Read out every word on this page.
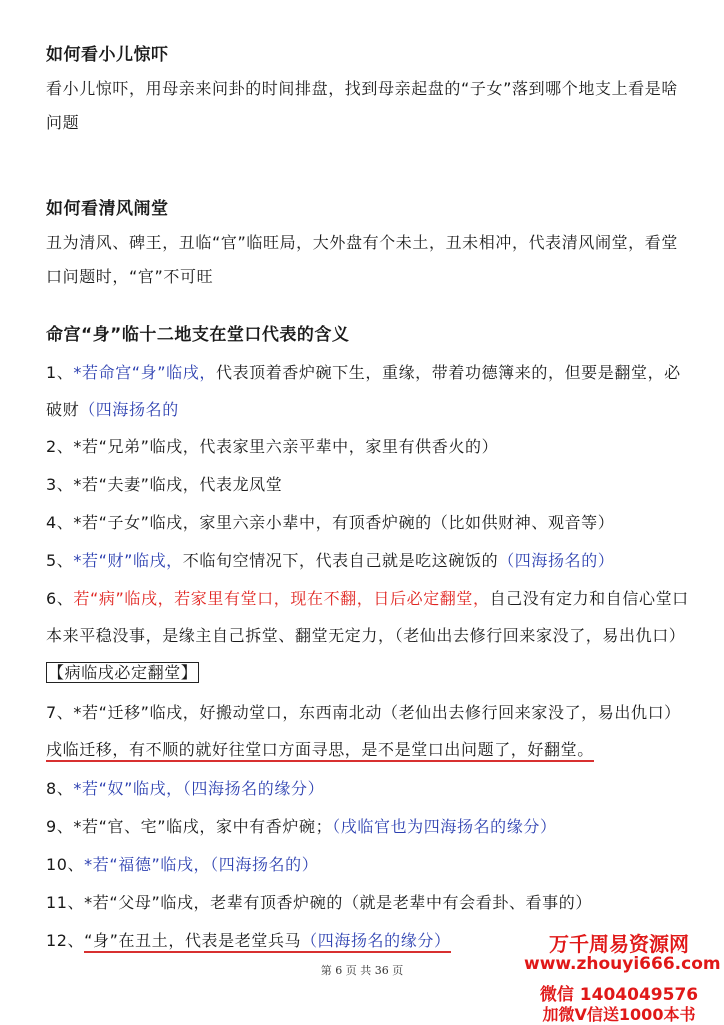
如何看小儿惊吓
看小儿惊吓，用母亲来问卦的时间排盘，找到母亲起盘的“子女”落到哪个地支上看是啥问题
如何看清风闹堂
丑为清风、碑王，丑临“官”临旺局，大外盘有个未土，丑未相冲，代表清风闹堂，看堂口问题时，“官”不可旺
命宫“身”临十二地支在堂口代表的含义
1、*若命宫“身”临戌，代表顶着香炉碗下生，重缘，带着功德簿来的，但要是翻堂，必破财（四海扬名的
2、*若“兄弟”临戌，代表家里六亲平辈中，家里有供香火的）
3、*若“夫妻”临戌，代表龙凤堂
4、*若“子女”临戌，家里六亲小辈中，有顶香炉碗的（比如供财神、观音等）
5、*若“财”临戌，不临旬空情况下，代表自己就是吃这碗饭的（四海扬名的）
6、若“病”临戌，若家里有堂口，现在不翻，日后必定翻堂，自己没有定力和自信心堂口本来平稳没事，是缘主自己拆堂、翻堂无定力，（老仙出去修行回来家没了，易出仇口）【病临戌必定翻堂】
7、*若“迁移”临戌，好搬动堂口，东西南北动（老仙出去修行回来家没了，易出仇口）戌临迁移，有不顺的就好往堂口方面寻思，是不是堂口出问题了，好翻堂。
8、*若“奴”临戌，（四海扬名的缘分）
9、*若“官、宅”临戌，家中有香炉碗；（戌临官也为四海扬名的缘分）
10、*若“福德”临戌，（四海扬名的）
11、*若“父母”临戌，老辈有顶香炉碗的（就是老辈中有会看卦、看事的）
12、“身”在丑土，代表是老堂兵马（四海扬名的缘分）
第 6 页 共 36 页
万千周易资源网
www.zhouyi666.com
微信 1404049576
加微V信送1000本书
